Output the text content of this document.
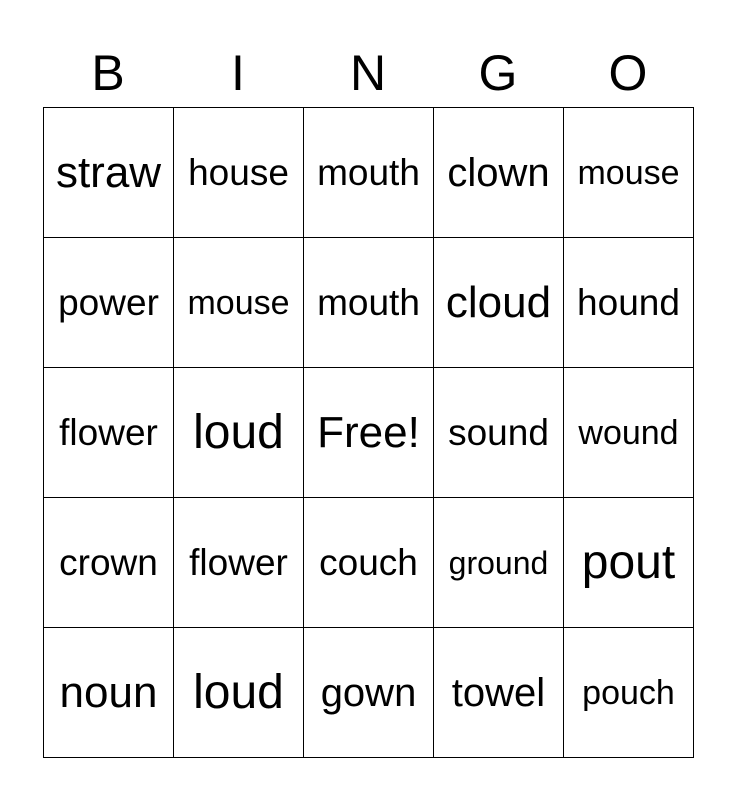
B	I	N	G	O
straw house mouth clown mouse
power mouse mouth cloud hound
flower loud Free! sound wound
crown flower couch ground pout
noun loud gown towel	pouch
